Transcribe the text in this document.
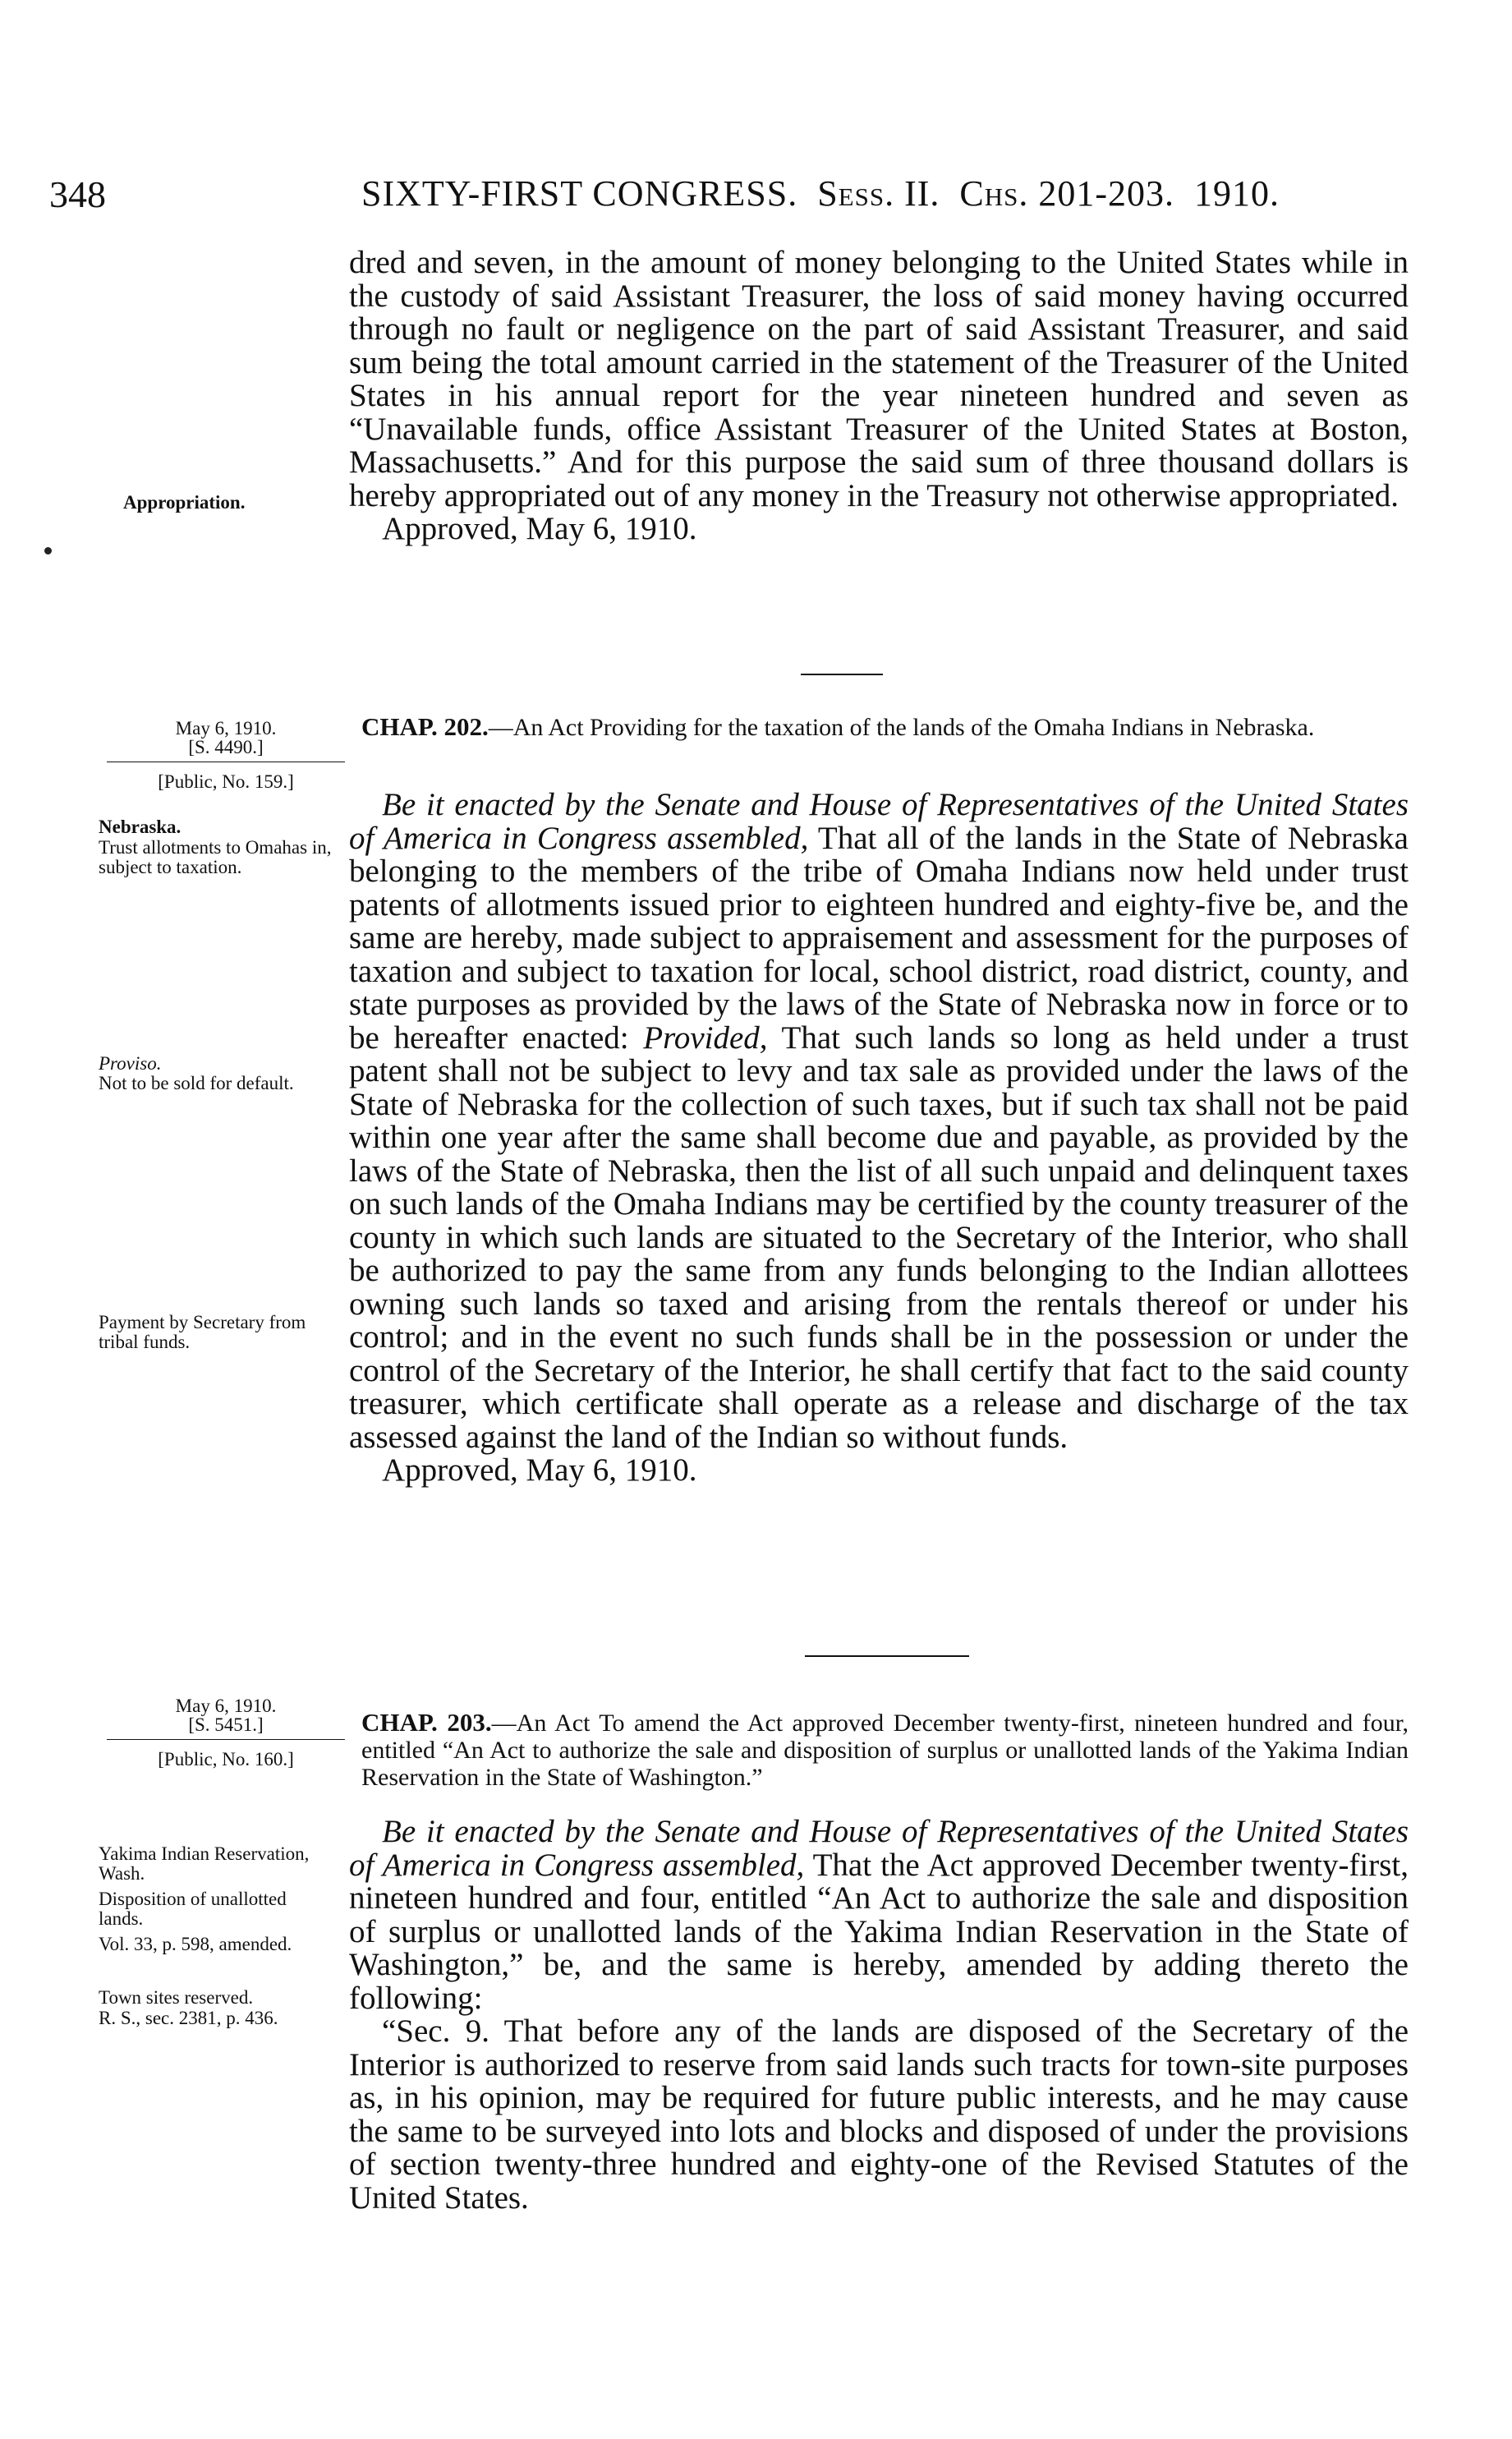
348	SIXTY-FIRST CONGRESS. Sess. II. Chs. 201-203. 1910.

dred and seven, in the amount of money belonging to the United States while in the custody of said Assistant Treasurer, the loss of said money having occurred through no fault or negligence on the part of said Assistant Treasurer, and said sum being the total amount carried in the statement of the Treasurer of the United States in his annual report for the year nineteen hundred and seven as “Unavailable funds, office Assistant Treasurer of the United States at Boston, Massachusetts.” And for this purpose the said sum of three thousand dollars is hereby appropriated out of any money in the Treasury not otherwise appropriated.

Approved, May 6, 1910.

Appropriation.
May 6, 1910.
[S. 4490.]
[Public, No. 159.]
CHAP. 202.—An Act Providing for the taxation of the lands of the Omaha Indians in Nebraska.

Be it enacted by the Senate and House of Representatives of the United States of America in Congress assembled, That all of the lands in the State of Nebraska belonging to the members of the tribe of Omaha Indians now held under trust patents of allotments issued prior to eighteen hundred and eighty-five be, and the same are hereby, made subject to appraisement and assessment for the purposes of taxation and subject to taxation for local, school district, road district, county, and state purposes as provided by the laws of the State of Nebraska now in force or to be hereafter enacted: Provided, That such lands so long as held under a trust patent shall not be subject to levy and tax sale as provided under the laws of the State of Nebraska for the collection of such taxes, but if such tax shall not be paid within one year after the same shall become due and payable, as provided by the laws of the State of Nebraska, then the list of all such unpaid and delinquent taxes on such lands of the Omaha Indians may be certified by the county treasurer of the county in which such lands are situated to the Secretary of the Interior, who shall be authorized to pay the same from any funds belonging to the Indian allottees owning such lands so taxed and arising from the rentals thereof or under his control; and in the event no such funds shall be in the possession or under the control of the Secretary of the Interior, he shall certify that fact to the said county treasurer, which certificate shall operate as a release and discharge of the tax assessed against the land of the Indian so without funds.

Approved, May 6, 1910.

Nebraska.
Trust allotments to Omahas in, subject to taxation.
Proviso.
Not to be sold for default.
Payment by Secretary from tribal funds.
May 6, 1910.
[S. 5451.]
[Public, No. 160.]
CHAP. 203.—An Act To amend the Act approved December twenty-first, nineteen hundred and four, entitled “An Act to authorize the sale and disposition of surplus or unallotted lands of the Yakima Indian Reservation in the State of Washington.”

Be it enacted by the Senate and House of Representatives of the United States of America in Congress assembled, That the Act approved December twenty-first, nineteen hundred and four, entitled “An Act to authorize the sale and disposition of surplus or unallotted lands of the Yakima Indian Reservation in the State of Washington,” be, and the same is hereby, amended by adding thereto the following:

“Sec. 9. That before any of the lands are disposed of the Secretary of the Interior is authorized to reserve from said lands such tracts for town-site purposes as, in his opinion, may be required for future public interests, and he may cause the same to be surveyed into lots and blocks and disposed of under the provisions of section twenty-three hundred and eighty-one of the Revised Statutes of the United States.

Yakima Indian Reservation, Wash.
Disposition of unallotted lands.
Vol. 33, p. 598, amended.
Town sites reserved.
R. S., sec. 2381, p. 436.
